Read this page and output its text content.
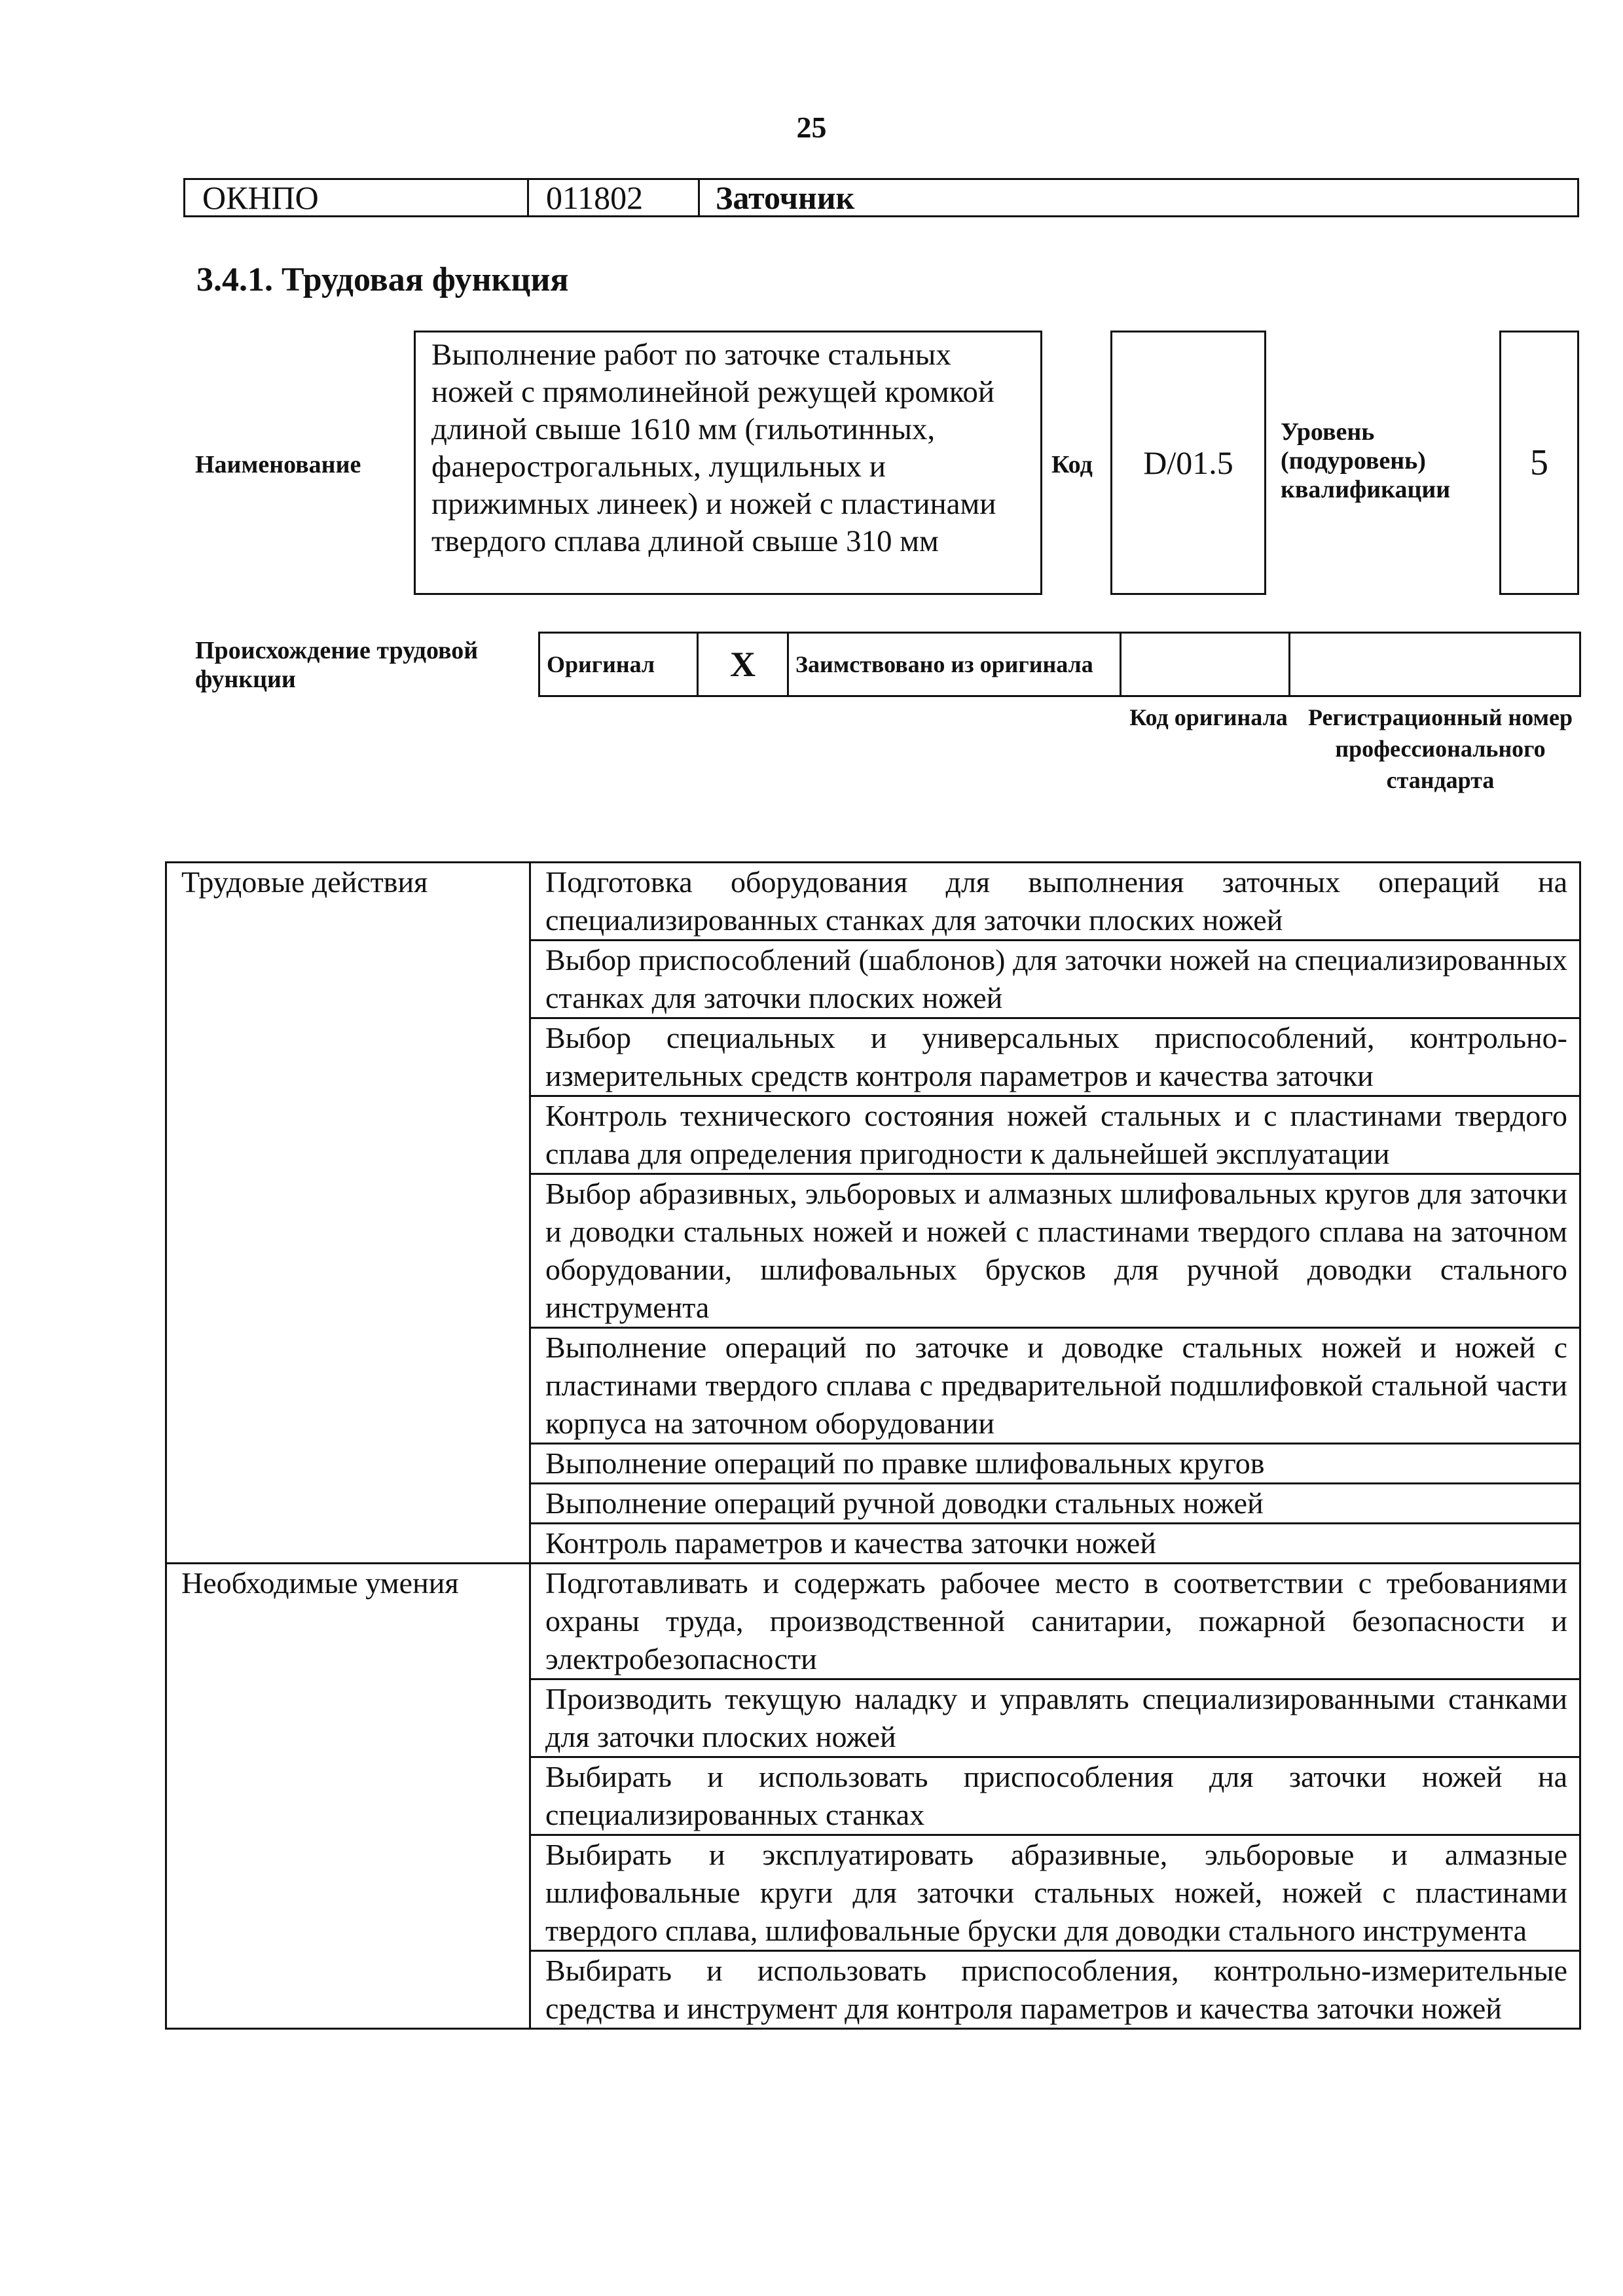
25
ОКНПО	011802	Заточник
3.4.1. Трудовая функция
Наименование
Выполнение работ по заточке стальных ножей с прямолинейной режущей кромкой длиной свыше 1610 мм (гильотинных, фанерострогальных, лущильных и прижимных линеек) и ножей с пластинами твердого сплава длиной свыше 310 мм
Код D/01.5
Уровень (подуровень) квалификации
5
Происхождение трудовой функции
Оригинал	X	Заимствовано из оригинала		
Код оригинала Регистрационный номер профессионального стандарта
Трудовые действия	Подготовка оборудования для выполнения заточных операций на специализированных станках для заточки плоских ножей
	Выбор приспособлений (шаблонов) для заточки ножей на специализированных станках для заточки плоских ножей
	Выбор специальных и универсальных приспособлений, контрольно-измерительных средств контроля параметров и качества заточки
	Контроль технического состояния ножей стальных и с пластинами твердого сплава для определения пригодности к дальнейшей эксплуатации
	Выбор абразивных, эльборовых и алмазных шлифовальных кругов для заточки и доводки стальных ножей и ножей с пластинами твердого сплава на заточном оборудовании, шлифовальных брусков для ручной доводки стального инструмента
	Выполнение операций по заточке и доводке стальных ножей и ножей с пластинами твердого сплава с предварительной подшлифовкой стальной части корпуса на заточном оборудовании
	Выполнение операций по правке шлифовальных кругов
	Выполнение операций ручной доводки стальных ножей
	Контроль параметров и качества заточки ножей
Необходимые умения	Подготавливать и содержать рабочее место в соответствии с требованиями охраны труда, производственной санитарии, пожарной безопасности и электробезопасности
	Производить текущую наладку и управлять специализированными станками для заточки плоских ножей
	Выбирать и использовать приспособления для заточки ножей на специализированных станках
	Выбирать и эксплуатировать абразивные, эльборовые и алмазные шлифовальные круги для заточки стальных ножей, ножей с пластинами твердого сплава, шлифовальные бруски для доводки стального инструмента
	Выбирать и использовать приспособления, контрольно-измерительные средства и инструмент для контроля параметров и качества заточки ножей
